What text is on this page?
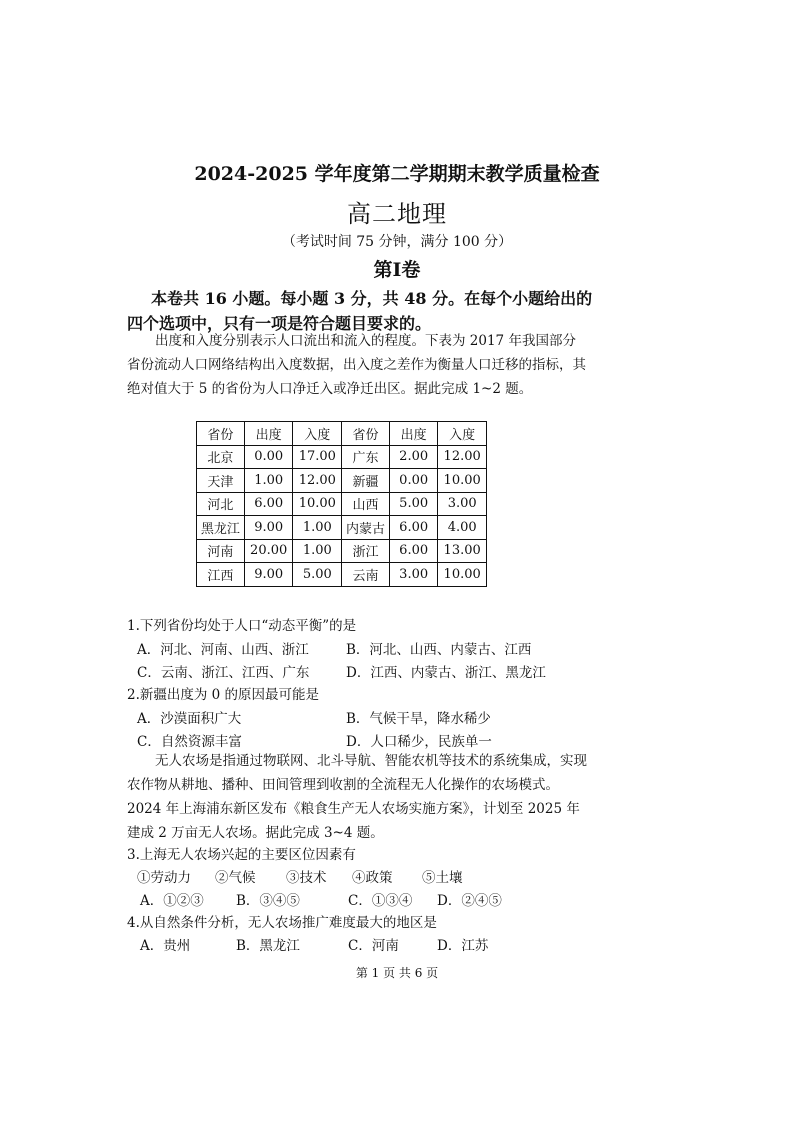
2024-2025 学年度第二学期期末教学质量检查
高二地理
（考试时间 75 分钟，满分 100 分）
第Ⅰ卷
本卷共 16 小题。每小题 3 分，共 48 分。在每个小题给出的四个选项中，只有一项是符合题目要求的。
出度和入度分别表示人口流出和流入的程度。下表为 2017 年我国部分省份流动人口网络结构出入度数据，出入度之差作为衡量人口迁移的指标，其绝对值大于 5 的省份为人口净迁入或净迁出区。据此完成 1~2 题。
省份	出度	入度	省份	出度	入度
北京	0.00	17.00	广东	2.00	12.00
天津	1.00	12.00	新疆	0.00	10.00
河北	6.00	10.00	山西	5.00	3.00
黑龙江	9.00	1.00	内蒙古	6.00	4.00
河南	20.00	1.00	浙江	6.00	13.00
江西	9.00	5.00	云南	3.00	10.00
1.下列省份均处于人口“动态平衡”的是
A．河北、河南、山西、浙江	B．河北、山西、内蒙古、江西
C．云南、浙江、江西、广东	D．江西、内蒙古、浙江、黑龙江
2.新疆出度为 0 的原因最可能是
A．沙漠面积广大	B．气候干旱，降水稀少
C．自然资源丰富	D．人口稀少，民族单一
无人农场是指通过物联网、北斗导航、智能农机等技术的系统集成，实现农作物从耕地、播种、田间管理到收割的全流程无人化操作的农场模式。2024 年上海浦东新区发布《粮食生产无人农场实施方案》，计划至 2025 年建成 2 万亩无人农场。据此完成 3~4 题。
3.上海无人农场兴起的主要区位因素有
①劳动力 ②气候 ③技术 ④政策 ⑤土壤
A．①②③ B．③④⑤	C．①③④ D．②④⑤
4.从自然条件分析，无人农场推广难度最大的地区是
A．贵州	B．黑龙江	C．河南	D．江苏
第 1 页 共 6 页
